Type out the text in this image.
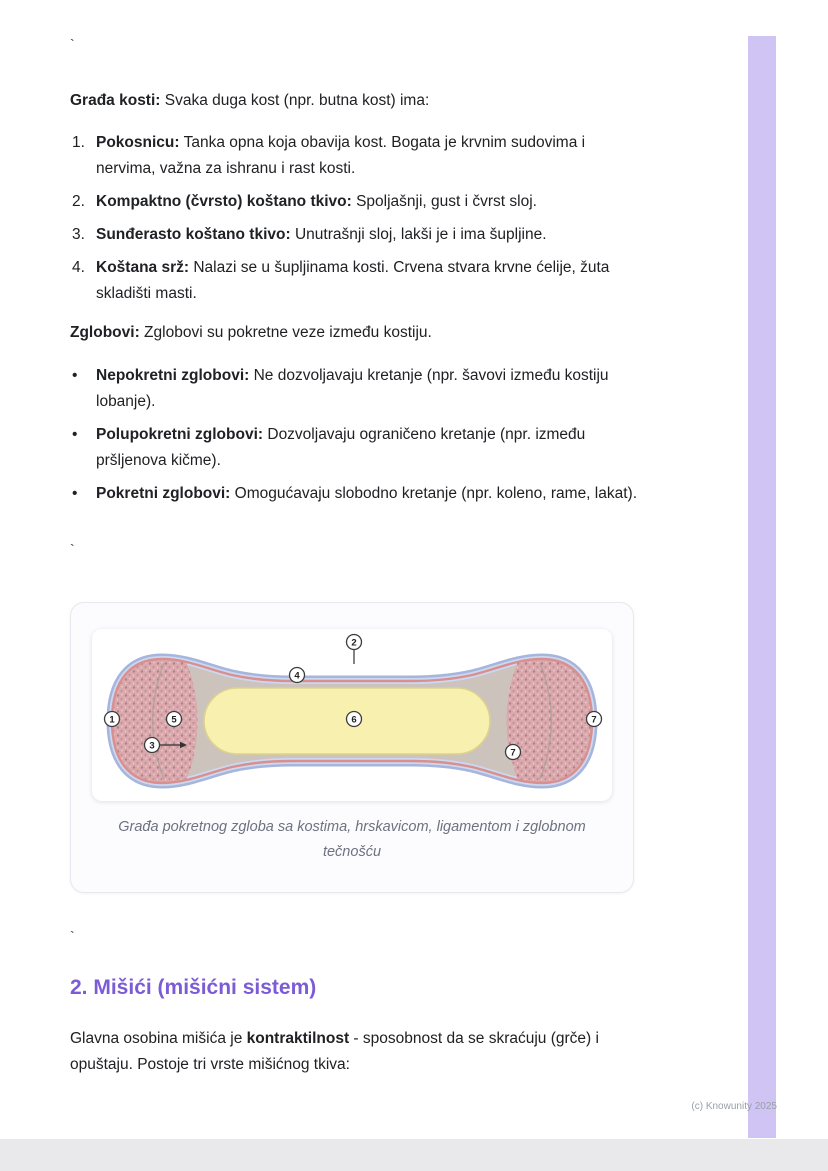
`

Građa kosti: Svaka duga kost (npr. butna kost) ima:

1. Pokosnicu: Tanka opna koja obavija kost. Bogata je krvnim sudovima i nervima, važna za ishranu i rast kosti.
2. Kompaktno (čvrsto) koštano tkivo: Spoljašnji, gust i čvrst sloj.
3. Sunđerasto koštano tkivo: Unutrašnji sloj, lakši je i ima šupljine.
4. Koštana srž: Nalazi se u šupljinama kosti. Crvena stvara krvne ćelije, žuta skladišti masti.

Zglobovi: Zglobovi su pokretne veze između kostiju.

•	Nepokretni zglobovi: Ne dozvoljavaju kretanje (npr. šavovi između kostiju lobanje).
•	Polupokretni zglobovi: Dozvoljavaju ograničeno kretanje (npr. između pršljenova kičme).
•	Pokretni zglobovi: Omogućavaju slobodno kretanje (npr. koleno, rame, lakat).
`
1
2
3
4
5	6	7
7
Građa pokretnog zgloba sa kostima, hrskavicom, ligamentom i zglobnom tečnošću
`
2. Mišići (mišićni sistem)

Glavna osobina mišića je kontraktilnost - sposobnost da se skraćuju (grče) i opuštaju. Postoje tri vrste mišićnog tkiva:

(c) Knowunity 2025
